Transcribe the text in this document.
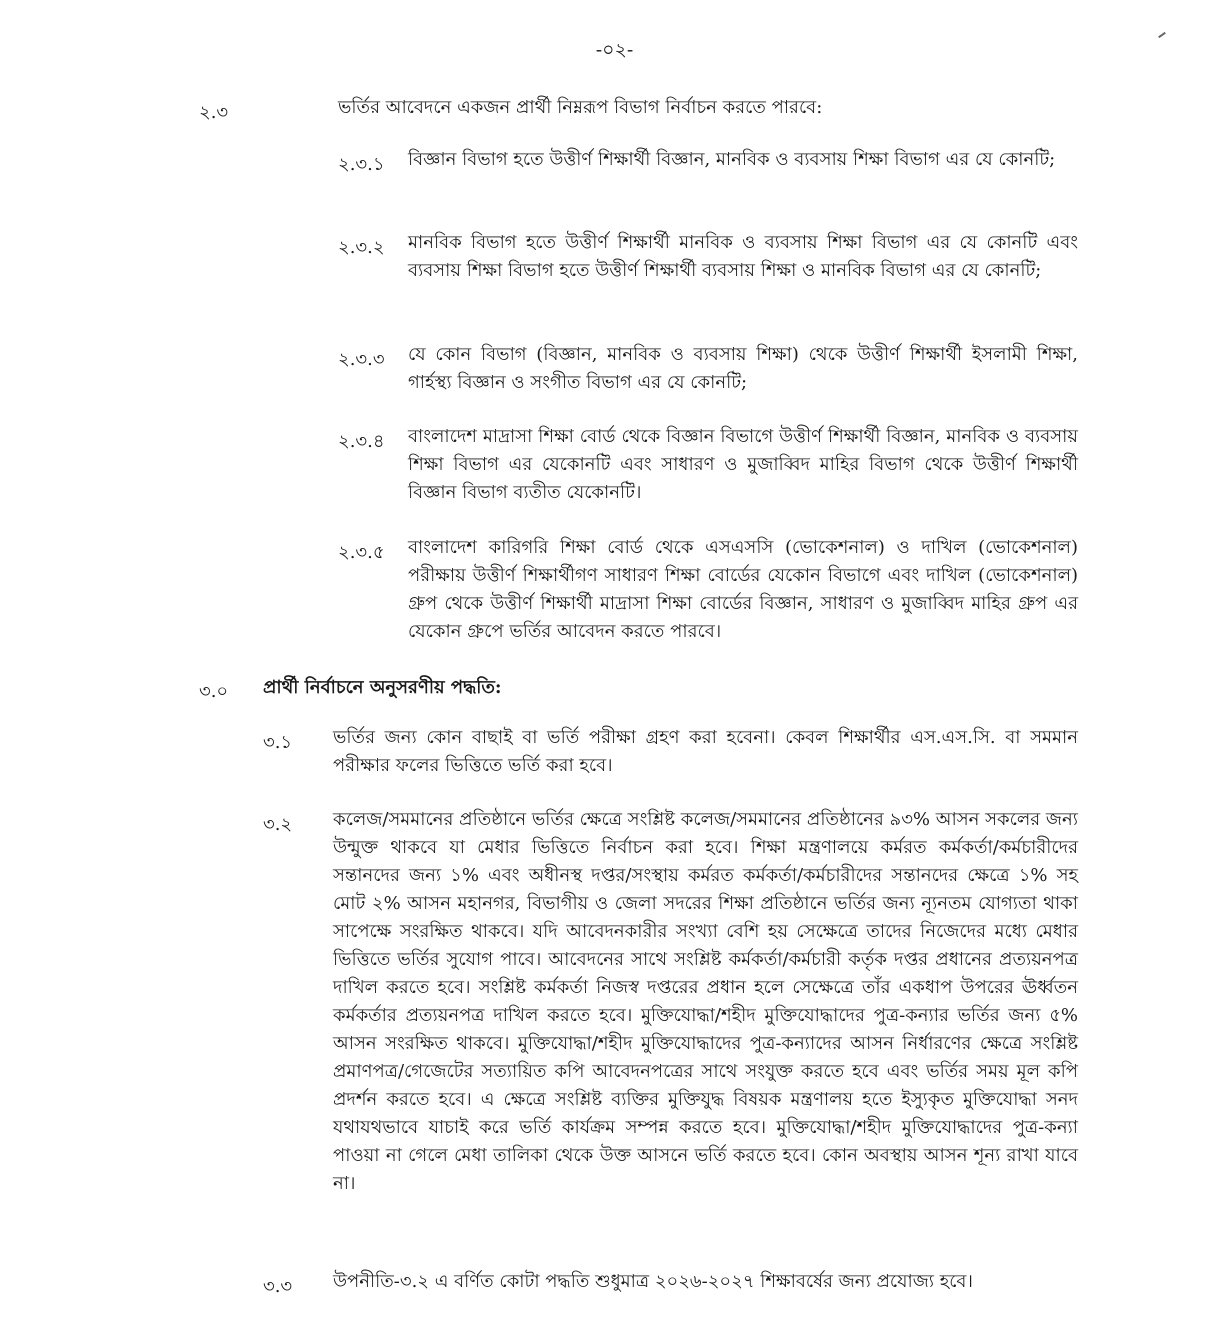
-০২-
২.৩	ভর্তির আবেদনে একজন প্রার্থী নিম্নরূপ বিভাগ নির্বাচন করতে পারবে:
২.৩.১ বিজ্ঞান বিভাগ হতে উত্তীর্ণ শিক্ষার্থী বিজ্ঞান, মানবিক ও ব্যবসায় শিক্ষা বিভাগ এর যে কোনটি;
২.৩.২ মানবিক বিভাগ হতে উত্তীর্ণ শিক্ষার্থী মানবিক ও ব্যবসায় শিক্ষা বিভাগ এর যে কোনটি এবং ব্যবসায় শিক্ষা বিভাগ হতে উত্তীর্ণ শিক্ষার্থী ব্যবসায় শিক্ষা ও মানবিক বিভাগ এর যে কোনটি;
২.৩.৩ যে কোন বিভাগ (বিজ্ঞান, মানবিক ও ব্যবসায় শিক্ষা) থেকে উত্তীর্ণ শিক্ষার্থী ইসলামী শিক্ষা, গার্হস্থ্য বিজ্ঞান ও সংগীত বিভাগ এর যে কোনটি;
২.৩.৪ বাংলাদেশ মাদ্রাসা শিক্ষা বোর্ড থেকে বিজ্ঞান বিভাগে উত্তীর্ণ শিক্ষার্থী বিজ্ঞান, মানবিক ও ব্যবসায় শিক্ষা বিভাগ এর যেকোনটি এবং সাধারণ ও মুজাব্বিদ মাহির বিভাগ থেকে উত্তীর্ণ শিক্ষার্থী বিজ্ঞান বিভাগ ব্যতীত যেকোনটি।
২.৩.৫ বাংলাদেশ কারিগরি শিক্ষা বোর্ড থেকে এসএসসি (ভোকেশনাল) ও দাখিল (ভোকেশনাল) পরীক্ষায় উত্তীর্ণ শিক্ষার্থীগণ সাধারণ শিক্ষা বোর্ডের যেকোন বিভাগে এবং দাখিল (ভোকেশনাল) গ্রুপ থেকে উত্তীর্ণ শিক্ষার্থী মাদ্রাসা শিক্ষা বোর্ডের বিজ্ঞান, সাধারণ ও মুজাব্বিদ মাহির গ্রুপ এর যেকোন গ্রুপে ভর্তির আবেদন করতে পারবে।
৩.০ প্রার্থী নির্বাচনে অনুসরণীয় পদ্ধতি:
৩.১ ভর্তির জন্য কোন বাছাই বা ভর্তি পরীক্ষা গ্রহণ করা হবেনা। কেবল শিক্ষার্থীর এস.এস.সি. বা সমমান পরীক্ষার ফলের ভিত্তিতে ভর্তি করা হবে।
৩.২ কলেজ/সমমানের প্রতিষ্ঠানে ভর্তির ক্ষেত্রে সংশ্লিষ্ট কলেজ/সমমানের প্রতিষ্ঠানের ৯৩% আসন সকলের জন্য উন্মুক্ত থাকবে যা মেধার ভিত্তিতে নির্বাচন করা হবে। শিক্ষা মন্ত্রণালয়ে কর্মরত কর্মকর্তা/কর্মচারীদের সন্তানদের জন্য ১% এবং অধীনস্থ দপ্তর/সংস্থায় কর্মরত কর্মকর্তা/কর্মচারীদের সন্তানদের ক্ষেত্রে ১% সহ মোট ২% আসন মহানগর, বিভাগীয় ও জেলা সদরের শিক্ষা প্রতিষ্ঠানে ভর্তির জন্য ন্যূনতম যোগ্যতা থাকা সাপেক্ষে সংরক্ষিত থাকবে। যদি আবেদনকারীর সংখ্যা বেশি হয় সেক্ষেত্রে তাদের নিজেদের মধ্যে মেধার ভিত্তিতে ভর্তির সুযোগ পাবে। আবেদনের সাথে সংশ্লিষ্ট কর্মকর্তা/কর্মচারী কর্তৃক দপ্তর প্রধানের প্রত্যয়নপত্র দাখিল করতে হবে। সংশ্লিষ্ট কর্মকর্তা নিজস্ব দপ্তরের প্রধান হলে সেক্ষেত্রে তাঁর একধাপ উপরের ঊর্ধ্বতন কর্মকর্তার প্রত্যয়নপত্র দাখিল করতে হবে। মুক্তিযোদ্ধা/শহীদ মুক্তিযোদ্ধাদের পুত্র-কন্যার ভর্তির জন্য ৫% আসন সংরক্ষিত থাকবে। মুক্তিযোদ্ধা/শহীদ মুক্তিযোদ্ধাদের পুত্র-কন্যাদের আসন নির্ধারণের ক্ষেত্রে সংশ্লিষ্ট প্রমাণপত্র/গেজেটের সত্যায়িত কপি আবেদনপত্রের সাথে সংযুক্ত করতে হবে এবং ভর্তির সময় মূল কপি প্রদর্শন করতে হবে। এ ক্ষেত্রে সংশ্লিষ্ট ব্যক্তির মুক্তিযুদ্ধ বিষয়ক মন্ত্রণালয় হতে ইস্যুকৃত মুক্তিযোদ্ধা সনদ যথাযথভাবে যাচাই করে ভর্তি কার্যক্রম সম্পন্ন করতে হবে। মুক্তিযোদ্ধা/শহীদ মুক্তিযোদ্ধাদের পুত্র-কন্যা পাওয়া না গেলে মেধা তালিকা থেকে উক্ত আসনে ভর্তি করতে হবে। কোন অবস্থায় আসন শূন্য রাখা যাবে না।
৩.৩ উপনীতি-৩.২ এ বর্ণিত কোটা পদ্ধতি শুধুমাত্র ২০২৬-২০২৭ শিক্ষাবর্ষের জন্য প্রযোজ্য হবে।
